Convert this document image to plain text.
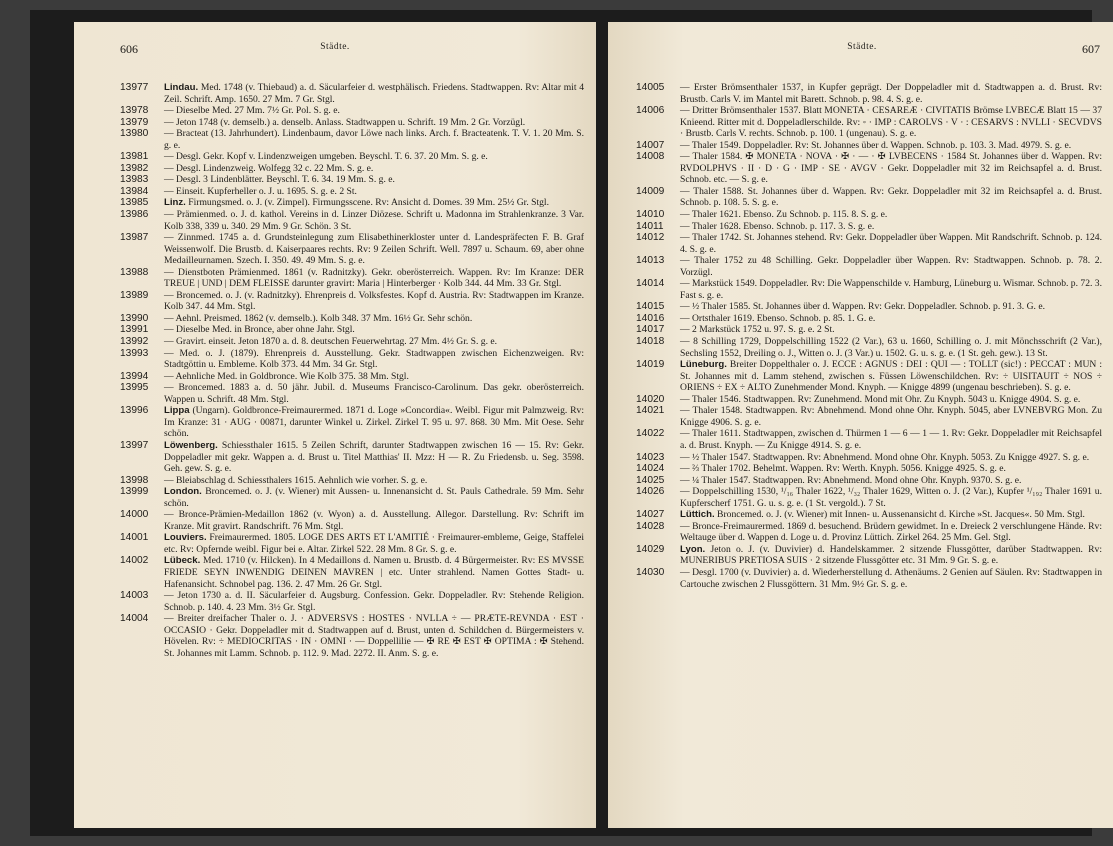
606	Städte.
13977 Lindau. Med. 1748 (v. Thiebaud) a. d. Säcularfeier d. westphälisch. Friedens. Stadtwappen. Rv: Altar mit 4 Zeil. Schrift. Amp. 1650. 27 Mm. 7 Gr. Stgl.
13978 — Dieselbe Med. 27 Mm. 7½ Gr. Pol. S. g. e.
13979 — Jeton 1748 (v. demselb.) a. denselb. Anlass. Stadtwappen u. Schrift. 19 Mm. 2 Gr. Vorzügl.
13980 — Bracteat (13. Jahrhundert). Lindenbaum, davor Löwe nach links. Arch. f. Bracteatenk. T. V. 1. 20 Mm. S. g. e.
13981 — Desgl. Gekr. Kopf v. Lindenzweigen umgeben. Beyschl. T. 6. 37. 20 Mm. S. g. e.
13982 — Desgl. Lindenzweig. Wolfegg 32 c. 22 Mm. S. g. e.
13983 — Desgl. 3 Lindenblätter. Beyschl. T. 6. 34. 19 Mm. S. g. e.
13984 — Einseit. Kupferheller o. J. u. 1695. S. g. e. 2 St.
13985 Linz. Firmungsmed. o. J. (v. Zimpel). Firmungsscene. Rv: Ansicht d. Domes. 39 Mm. 25½ Gr. Stgl.
13986 — Prämienmed. o. J. d. kathol. Vereins in d. Linzer Diözese. Schrift u. Madonna im Strahlenkranze. 3 Var. Kolb 338, 339 u. 340. 29 Mm. 9 Gr. Schön. 3 St.
13987 — Zinnmed. 1745 a. d. Grundsteinlegung zum Elisabethinerkloster unter d. Landespräfecten F. B. Graf Weissenwolf. Die Brustb. d. Kaiserpaares rechts. Rv: 9 Zeilen Schrift. Well. 7897 u. Schaum. 69, aber ohne Medailleurnamen. Szech. I. 350. 49. 49 Mm. S. g. e.
13988 — Dienstboten Prämienmed. 1861 (v. Radnitzky). Gekr. oberösterreich. Wappen. Rv: Im Kranze: DER TREUE | UND | DEM FLEISSE darunter gravirt: Maria | Hinterberger · Kolb 344. 44 Mm. 33 Gr. Stgl.
13989 — Broncemed. o. J. (v. Radnitzky). Ehrenpreis d. Volksfestes. Kopf d. Austria. Rv: Stadtwappen im Kranze. Kolb 347. 44 Mm. Stgl.
13990 — Aehnl. Preismed. 1862 (v. demselb.). Kolb 348. 37 Mm. 16½ Gr. Sehr schön.
13991 — Dieselbe Med. in Bronce, aber ohne Jahr. Stgl.
13992 — Gravirt. einseit. Jeton 1870 a. d. 8. deutschen Feuerwehrtag. 27 Mm. 4½ Gr. S. g. e.
13993 — Med. o. J. (1879). Ehrenpreis d. Ausstellung. Gekr. Stadtwappen zwischen Eichenzweigen. Rv: Stadtgöttin u. Embleme. Kolb 373. 44 Mm. 34 Gr. Stgl.
13994 — Aehnliche Med. in Goldbronce. Wie Kolb 375. 38 Mm. Stgl.
13995 — Broncemed. 1883 a. d. 50 jähr. Jubil. d. Museums Francisco-Carolinum. Das gekr. oberösterreich. Wappen u. Schrift. 48 Mm. Stgl.
13996 Lippa (Ungarn). Goldbronce-Freimaurermed. 1871 d. Loge »Concordia«. Weibl. Figur mit Palmzweig. Rv: Im Kranze: 31 · AUG · 00871, darunter Winkel u. Zirkel. Zirkel T. 95 u. 97. 868. 30 Mm. Mit Oese. Sehr schön.
13997 Löwenberg. Schiessthaler 1615. 5 Zeilen Schrift, darunter Stadtwappen zwischen 16 — 15. Rv: Gekr. Doppeladler mit gekr. Wappen a. d. Brust u. Titel Matthias' II. Mzz: H — R. Zu Friedensb. u. Seg. 3598. Geh. gew. S. g. e.
13998 — Bleiabschlag d. Schiessthalers 1615. Aehnlich wie vorher. S. g. e.
13999 London. Broncemed. o. J. (v. Wiener) mit Aussen- u. Innenansicht d. St. Pauls Cathedrale. 59 Mm. Sehr schön.
14000 — Bronce-Prämien-Medaillon 1862 (v. Wyon) a. d. Ausstellung. Allegor. Darstellung. Rv: Schrift im Kranze. Mit gravirt. Randschrift. 76 Mm. Stgl.
14001 Louviers. Freimaurermed. 1805. LOGE DES ARTS ET L'AMITIÉ · Freimaurer-embleme, Geige, Staffelei etc. Rv: Opfernde weibl. Figur bei e. Altar. Zirkel 522. 28 Mm. 8 Gr. S. g. e.
14002 Lübeck. Med. 1710 (v. Hilcken). In 4 Medaillons d. Namen u. Brustb. d. 4 Bürgermeister. Rv: ES MVSSE FRIEDE SEYN INWENDIG DEINEN MAVREN | etc. Unter strahlend. Namen Gottes Stadt- u. Hafenansicht. Schnobel pag. 136. 2. 47 Mm. 26 Gr. Stgl.
14003 — Jeton 1730 a. d. II. Säcularfeier d. Augsburg. Confession. Gekr. Doppeladler. Rv: Stehende Religion. Schnob. p. 140. 4. 23 Mm. 3½ Gr. Stgl.
14004 — Breiter dreifacher Thaler o. J. · ADVERSVS : HOSTES · NVLLA ÷ — PRÆTE-REVNDA · EST · OCCASIO · Gekr. Doppeladler mit d. Stadtwappen auf d. Brust, unten d. Schildchen d. Bürgermeisters v. Hövelen. Rv: ÷ MEDIOCRITAS · IN · OMNI · — Doppellilie — ✠ RE ✠ EST ✠ OPTIMA : ✠ Stehend. St. Johannes mit Lamm. Schnob. p. 112. 9. Mad. 2272. II. Anm. S. g. e.
Städte.	607
14005 — Erster Brömsenthaler 1537, in Kupfer geprägt. Der Doppeladler mit d. Stadtwappen a. d. Brust. Rv: Brustb. Carls V. im Mantel mit Barett. Schnob. p. 98. 4. S. g. e.
14006 — Dritter Brömsenthaler 1537. Blatt MONETA · CESAREÆ · CIVITATIS Brömse LVBECÆ Blatt 15 — 37 Knieend. Ritter mit d. Doppeladlerschilde. Rv: ◦ · IMP : CAROLVS · V · : CESARVS : NVLLI · SECVDVS · Brustb. Carls V. rechts. Schnob. p. 100. 1 (ungenau). S. g. e.
14007 — Thaler 1549. Doppeladler. Rv: St. Johannes über d. Wappen. Schnob. p. 103. 3. Mad. 4979. S. g. e.
14008 — Thaler 1584. ✠ MONETA · NOVA · ✠ · — · ✠ LVBECENS · 1584 St. Johannes über d. Wappen. Rv: RVDOLPHVS · II · D · G · IMP · SE · AVGV · Gekr. Doppeladler mit 32 im Reichsapfel a. d. Brust. Schnob. etc. — S. g. e.
14009 — Thaler 1588. St. Johannes über d. Wappen. Rv: Gekr. Doppeladler mit 32 im Reichsapfel a. d. Brust. Schnob. p. 108. 5. S. g. e.
14010 — Thaler 1621. Ebenso. Zu Schnob. p. 115. 8. S. g. e.
14011 — Thaler 1628. Ebenso. Schnob. p. 117. 3. S. g. e.
14012 — Thaler 1742. St. Johannes stehend. Rv: Gekr. Doppeladler über Wappen. Mit Randschrift. Schnob. p. 124. 4. S. g. e.
14013 — Thaler 1752 zu 48 Schilling. Gekr. Doppeladler über Wappen. Rv: Stadtwappen. Schnob. p. 78. 2. Vorzügl.
14014 — Markstück 1549. Doppeladler. Rv: Die Wappenschilde v. Hamburg, Lüneburg u. Wismar. Schnob. p. 72. 3. Fast s. g. e.
14015 — ½ Thaler 1585. St. Johannes über d. Wappen. Rv: Gekr. Doppeladler. Schnob. p. 91. 3. G. e.
14016 — Ortsthaler 1619. Ebenso. Schnob. p. 85. 1. G. e.
14017 — 2 Markstück 1752 u. 97. S. g. e. 2 St.
14018 — 8 Schilling 1729, Doppelschilling 1522 (2 Var.), 63 u. 1660, Schilling o. J. mit Mönchsschrift (2 Var.), Sechsling 1552, Dreiling o. J., Witten o. J. (3 Var.) u. 1502. G. u. s. g. e. (1 St. geh. gew.). 13 St.
14019 Lüneburg. Breiter Doppelthaler o. J. ECCE : AGNUS : DEI : QUI — : TOLLT (sic!) : PECCAT : MUN : St. Johannes mit d. Lamm stehend, zwischen s. Füssen Löwenschildchen. Rv: ÷ UISITAUIT ÷ NOS ÷ ORIENS ÷ EX ÷ ALTO Zunehmender Mond. Knyph. — Knigge 4899 (ungenau beschrieben). S. g. e.
14020 — Thaler 1546. Stadtwappen. Rv: Zunehmend. Mond mit Ohr. Zu Knyph. 5043 u. Knigge 4904. S. g. e.
14021 — Thaler 1548. Stadtwappen. Rv: Abnehmend. Mond ohne Ohr. Knyph. 5045, aber LVNEBVRG Mon. Zu Knigge 4906. S. g. e.
14022 — Thaler 1611. Stadtwappen, zwischen d. Thürmen 1 — 6 — 1 — 1. Rv: Gekr. Doppeladler mit Reichsapfel a. d. Brust. Knyph. — Zu Knigge 4914. S. g. e.
14023 — ½ Thaler 1547. Stadtwappen. Rv: Abnehmend. Mond ohne Ohr. Knyph. 5053. Zu Knigge 4927. S. g. e.
14024 — ⅔ Thaler 1702. Behelmt. Wappen. Rv: Werth. Knyph. 5056. Knigge 4925. S. g. e.
14025 — ¼ Thaler 1547. Stadtwappen. Rv: Abnehmend. Mond ohne Ohr. Knyph. 9370. S. g. e.
14026 — Doppelschilling 1530, ¹/₁₆ Thaler 1622, ¹/₃₂ Thaler 1629, Witten o. J. (2 Var.), Kupfer ¹/₁₉₂ Thaler 1691 u. Kupferscherf 1751. G. u. s. g. e. (1 St. vergold.). 7 St.
14027 Lüttich. Broncemed. o. J. (v. Wiener) mit Innen- u. Aussenansicht d. Kirche »St. Jacques«. 50 Mm. Stgl.
14028 — Bronce-Freimaurermed. 1869 d. besuchend. Brüdern gewidmet. In e. Dreieck 2 verschlungene Hände. Rv: Weltauge über d. Wappen d. Loge u. d. Provinz Lüttich. Zirkel 264. 25 Mm. Gel. Stgl.
14029 Lyon. Jeton o. J. (v. Duvivier) d. Handelskammer. 2 sitzende Flussgötter, darüber Stadtwappen. Rv: MUNERIBUS PRETIOSA SUIS · 2 sitzende Flussgötter etc. 31 Mm. 9 Gr. S. g. e.
14030 — Desgl. 1700 (v. Duvivier) a. d. Wiederherstellung d. Athenäums. 2 Genien auf Säulen. Rv: Stadtwappen in Cartouche zwischen 2 Flussgöttern. 31 Mm. 9½ Gr. S. g. e.
